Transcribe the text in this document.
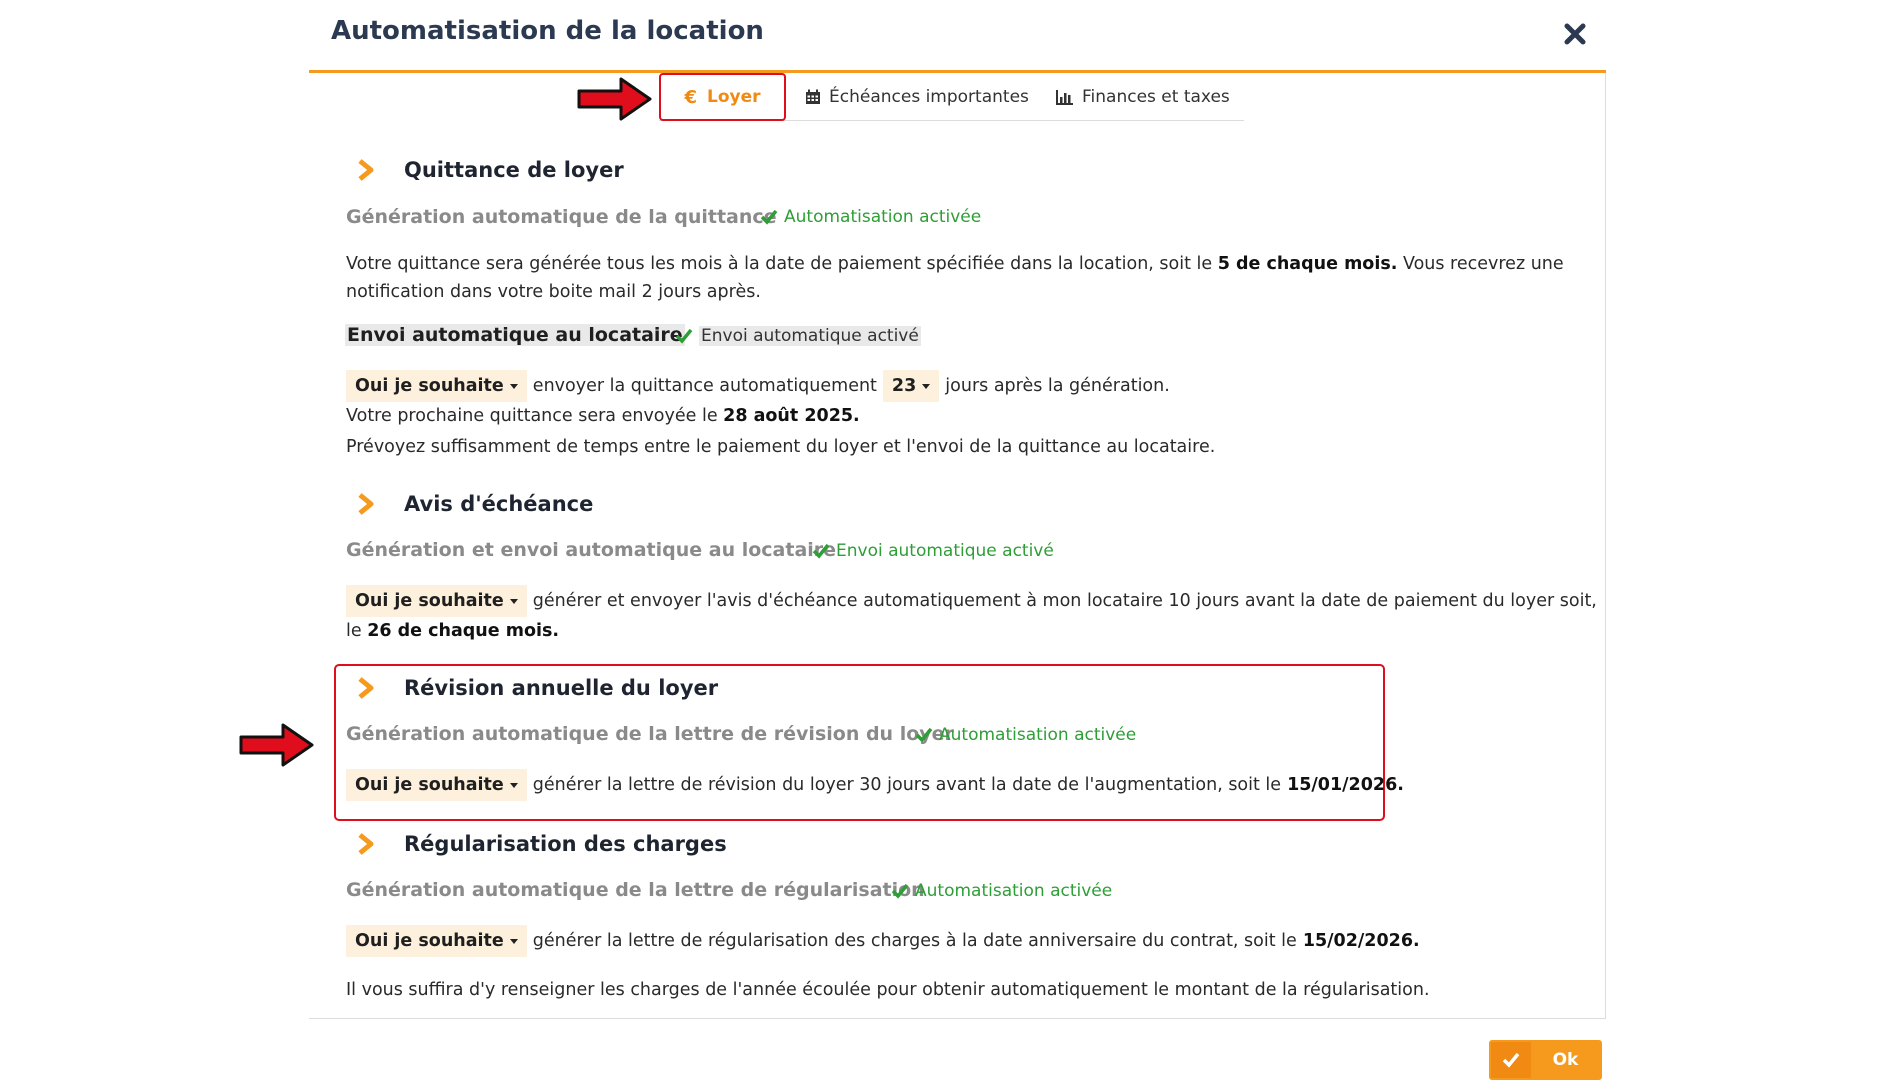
Automatisation de la location
€ Loyer	Échéances importantes	Finances et taxes
Quittance de loyer
Génération automatique de la quittance Automatisation activée
Votre quittance sera générée tous les mois à la date de paiement spécifiée dans la location, soit le 5 de chaque mois. Vous recevrez une notification dans votre boite mail 2 jours après.
Envoi automatique au locataire Envoi automatique activé
Oui je souhaite envoyer la quittance automatiquement 23 jours après la génération.
Votre prochaine quittance sera envoyée le 28 août 2025.
Prévoyez suffisamment de temps entre le paiement du loyer et l'envoi de la quittance au locataire.
Avis d'échéance
Génération et envoi automatique au locataire Envoi automatique activé
Oui je souhaite générer et envoyer l'avis d'échéance automatiquement à mon locataire 10 jours avant la date de paiement du loyer soit,
le 26 de chaque mois.
Révision annuelle du loyer
Génération automatique de la lettre de révision du loyer
Automatisation activée
Oui je souhaite générer la lettre de révision du loyer 30 jours avant la date de l'augmentation, soit le 15/01/2026.
Régularisation des charges
Génération automatique de la lettre de régularisation
Automatisation activée
Oui je souhaite générer la lettre de régularisation des charges à la date anniversaire du contrat, soit le 15/02/2026.
Il vous suffira d'y renseigner les charges de l'année écoulée pour obtenir automatiquement le montant de la régularisation.
Ok
